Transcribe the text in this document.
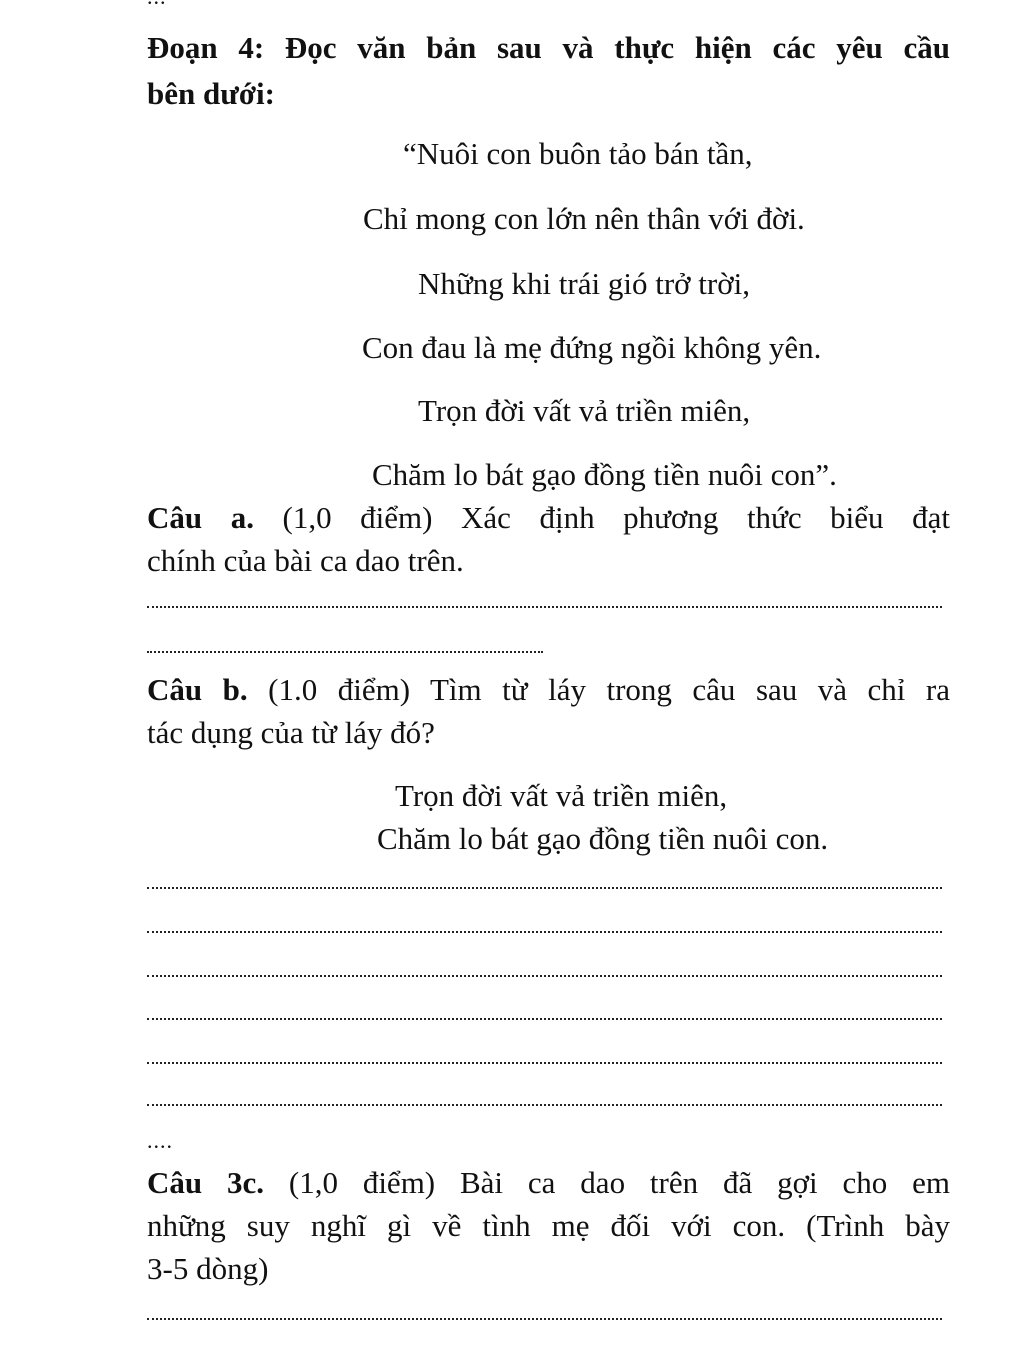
Đoạn 4: Đọc văn bản sau và thực hiện các yêu cầu
bên dưới:
“Nuôi con buôn tảo bán tần,
Chỉ mong con lớn nên thân với đời.
Những khi trái gió trở trời,
Con đau là mẹ đứng ngồi không yên.
Trọn đời vất vả triền miên,
Chăm lo bát gạo đồng tiền nuôi con”.
Câu a. (1,0 điểm) Xác định phương thức biểu đạt
chính của bài ca dao trên.
Câu b. (1.0 điểm) Tìm từ láy trong câu sau và chỉ ra
tác dụng của từ láy đó?
Trọn đời vất vả triền miên,
Chăm lo bát gạo đồng tiền nuôi con.
....
Câu 3c. (1,0 điểm) Bài ca dao trên đã gợi cho em
những suy nghĩ gì về tình mẹ đối với con. (Trình bày
3-5 dòng)
